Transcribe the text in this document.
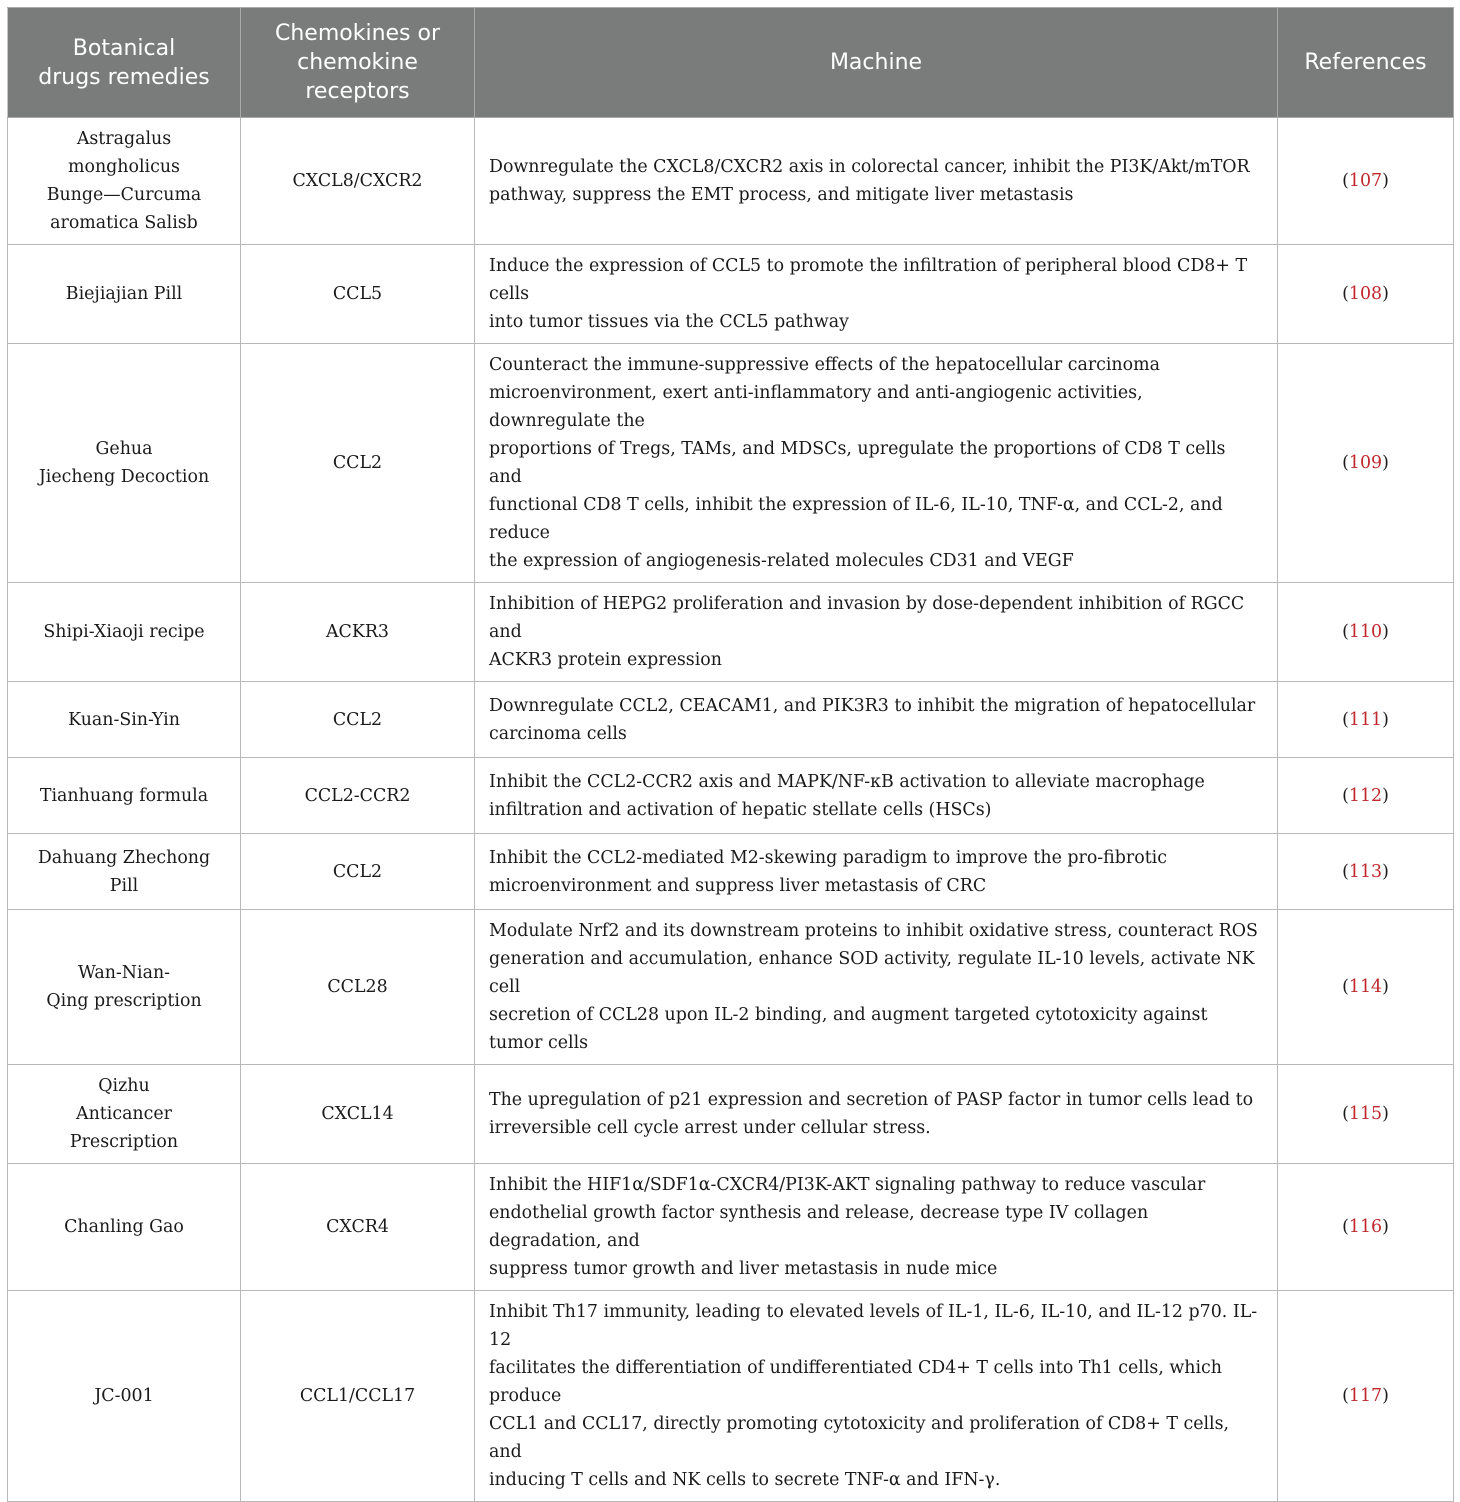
Botanical
drugs remedies	Chemokines or
chemokine
receptors	Machine	References

Astragalus mongholicus
Bunge—Curcuma
aromatica Salisb	CXCL8/CXCR2	Downregulate the CXCL8/CXCR2 axis in colorectal cancer, inhibit the PI3K/Akt/mTOR
pathway, suppress the EMT process, and mitigate liver metastasis	(107)

Biejiajian Pill	CCL5	Induce the expression of CCL5 to promote the infiltration of peripheral blood CD8+ T cells
into tumor tissues via the CCL5 pathway	(108)

Gehua
Jiecheng Decoction	CCL2	Counteract the immune-suppressive effects of the hepatocellular carcinoma
microenvironment, exert anti-inflammatory and anti-angiogenic activities, downregulate the
proportions of Tregs, TAMs, and MDSCs, upregulate the proportions of CD8 T cells and
functional CD8 T cells, inhibit the expression of IL-6, IL-10, TNF-α, and CCL-2, and reduce
the expression of angiogenesis-related molecules CD31 and VEGF	(109)

Shipi-Xiaoji recipe	ACKR3	Inhibition of HEPG2 proliferation and invasion by dose-dependent inhibition of RGCC and
ACKR3 protein expression	(110)

Kuan-Sin-Yin	CCL2	Downregulate CCL2, CEACAM1, and PIK3R3 to inhibit the migration of hepatocellular
carcinoma cells	(111)

Tianhuang formula	CCL2-CCR2	Inhibit the CCL2-CCR2 axis and MAPK/NF-κB activation to alleviate macrophage
infiltration and activation of hepatic stellate cells (HSCs)	(112)

Dahuang Zhechong Pill	CCL2	Inhibit the CCL2-mediated M2-skewing paradigm to improve the pro-fibrotic
microenvironment and suppress liver metastasis of CRC	(113)

Wan-Nian-
Qing prescription	CCL28	Modulate Nrf2 and its downstream proteins to inhibit oxidative stress, counteract ROS
generation and accumulation, enhance SOD activity, regulate IL-10 levels, activate NK cell
secretion of CCL28 upon IL-2 binding, and augment targeted cytotoxicity against tumor cells	(114)

Qizhu
Anticancer Prescription	CXCL14	The upregulation of p21 expression and secretion of PASP factor in tumor cells lead to
irreversible cell cycle arrest under cellular stress.	(115)

Chanling Gao	CXCR4	Inhibit the HIF1α/SDF1α-CXCR4/PI3K-AKT signaling pathway to reduce vascular
endothelial growth factor synthesis and release, decrease type IV collagen degradation, and
suppress tumor growth and liver metastasis in nude mice	(116)

JC-001	CCL1/CCL17	Inhibit Th17 immunity, leading to elevated levels of IL-1, IL-6, IL-10, and IL-12 p70. IL-12
facilitates the differentiation of undifferentiated CD4+ T cells into Th1 cells, which produce
CCL1 and CCL17, directly promoting cytotoxicity and proliferation of CD8+ T cells, and
inducing T cells and NK cells to secrete TNF-α and IFN-γ.	(117)
